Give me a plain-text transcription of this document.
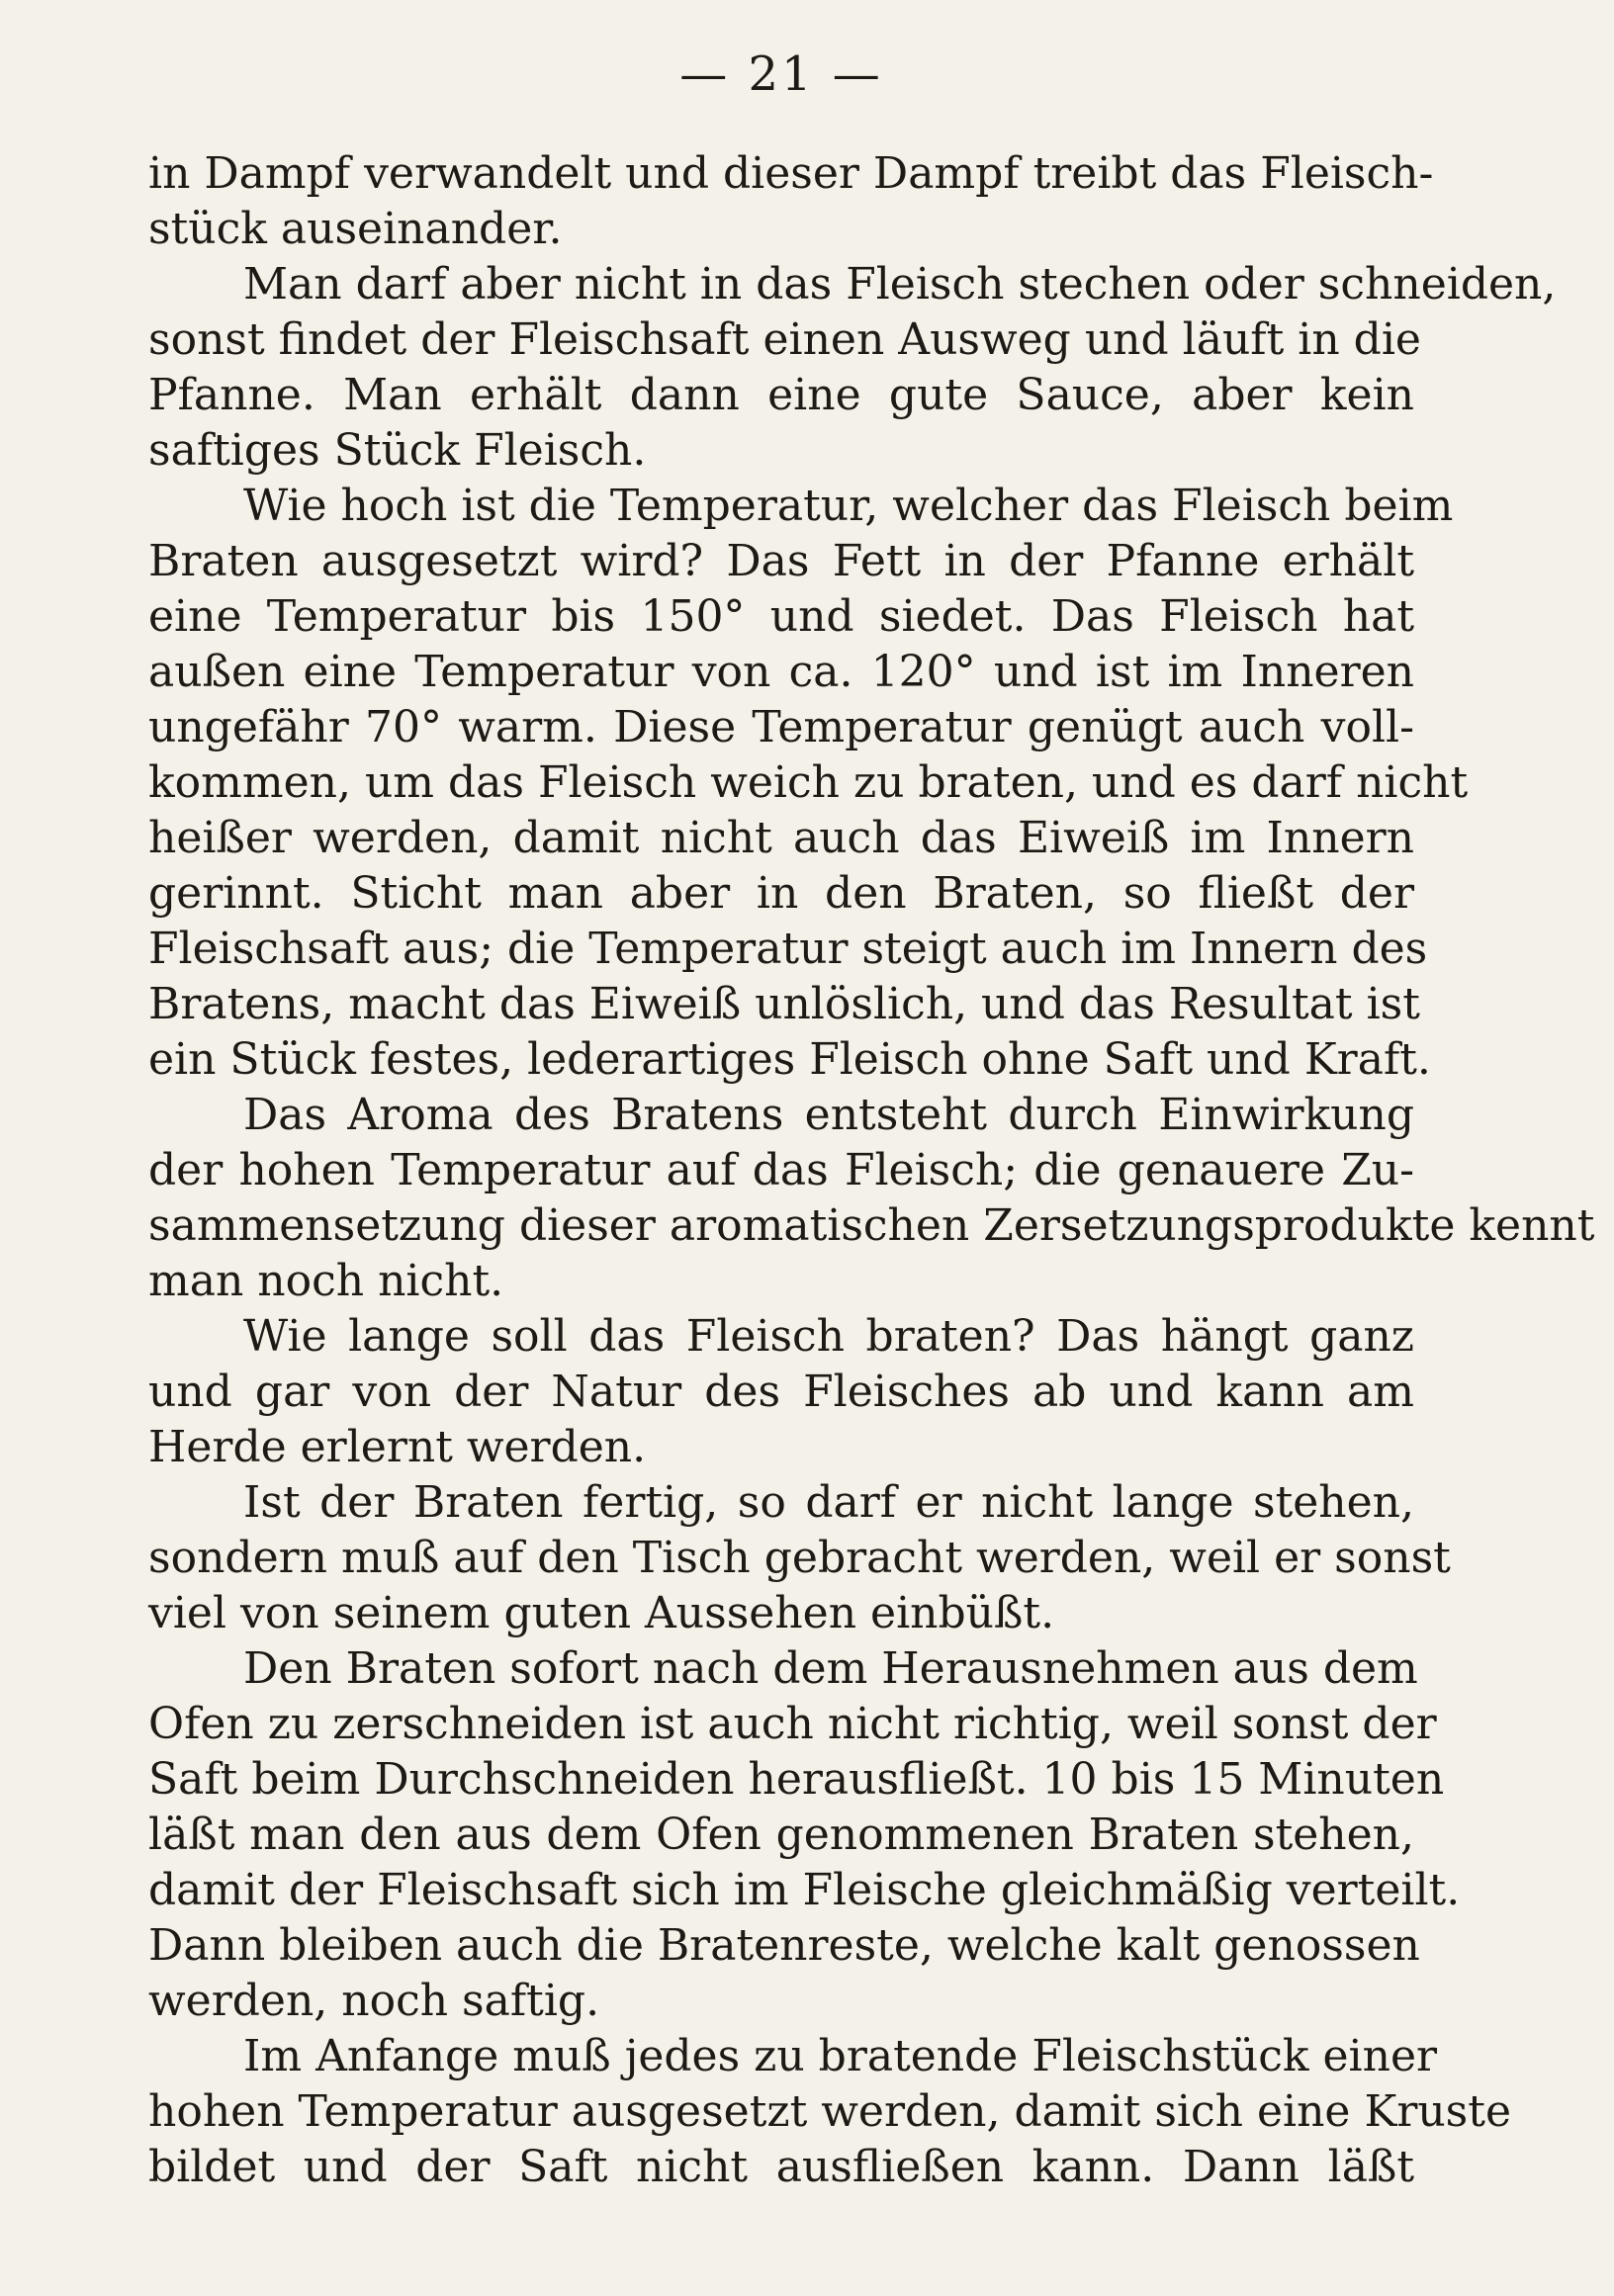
— 21 —
in Dampf verwandelt und dieser Dampf treibt das Fleisch-
stück auseinander.
Man darf aber nicht in das Fleisch stechen oder schneiden,
sonst findet der Fleischsaft einen Ausweg und läuft in die
Pfanne. Man erhält dann eine gute Sauce, aber kein
saftiges Stück Fleisch.
Wie hoch ist die Temperatur, welcher das Fleisch beim
Braten ausgesetzt wird? Das Fett in der Pfanne erhält
eine Temperatur bis 150° und siedet. Das Fleisch hat
außen eine Temperatur von ca. 120° und ist im Inneren
ungefähr 70° warm. Diese Temperatur genügt auch voll-
kommen, um das Fleisch weich zu braten, und es darf nicht
heißer werden, damit nicht auch das Eiweiß im Innern
gerinnt. Sticht man aber in den Braten, so fließt der
Fleischsaft aus; die Temperatur steigt auch im Innern des
Bratens, macht das Eiweiß unlöslich, und das Resultat ist
ein Stück festes, lederartiges Fleisch ohne Saft und Kraft.
Das Aroma des Bratens entsteht durch Einwirkung
der hohen Temperatur auf das Fleisch; die genauere Zu-
sammensetzung dieser aromatischen Zersetzungsprodukte kennt
man noch nicht.
Wie lange soll das Fleisch braten? Das hängt ganz
und gar von der Natur des Fleisches ab und kann am
Herde erlernt werden.
Ist der Braten fertig, so darf er nicht lange stehen,
sondern muß auf den Tisch gebracht werden, weil er sonst
viel von seinem guten Aussehen einbüßt.
Den Braten sofort nach dem Herausnehmen aus dem
Ofen zu zerschneiden ist auch nicht richtig, weil sonst der
Saft beim Durchschneiden herausfließt. 10 bis 15 Minuten
läßt man den aus dem Ofen genommenen Braten stehen,
damit der Fleischsaft sich im Fleische gleichmäßig verteilt.
Dann bleiben auch die Bratenreste, welche kalt genossen
werden, noch saftig.
Im Anfange muß jedes zu bratende Fleischstück einer
hohen Temperatur ausgesetzt werden, damit sich eine Kruste
bildet und der Saft nicht ausfließen kann. Dann läßt
